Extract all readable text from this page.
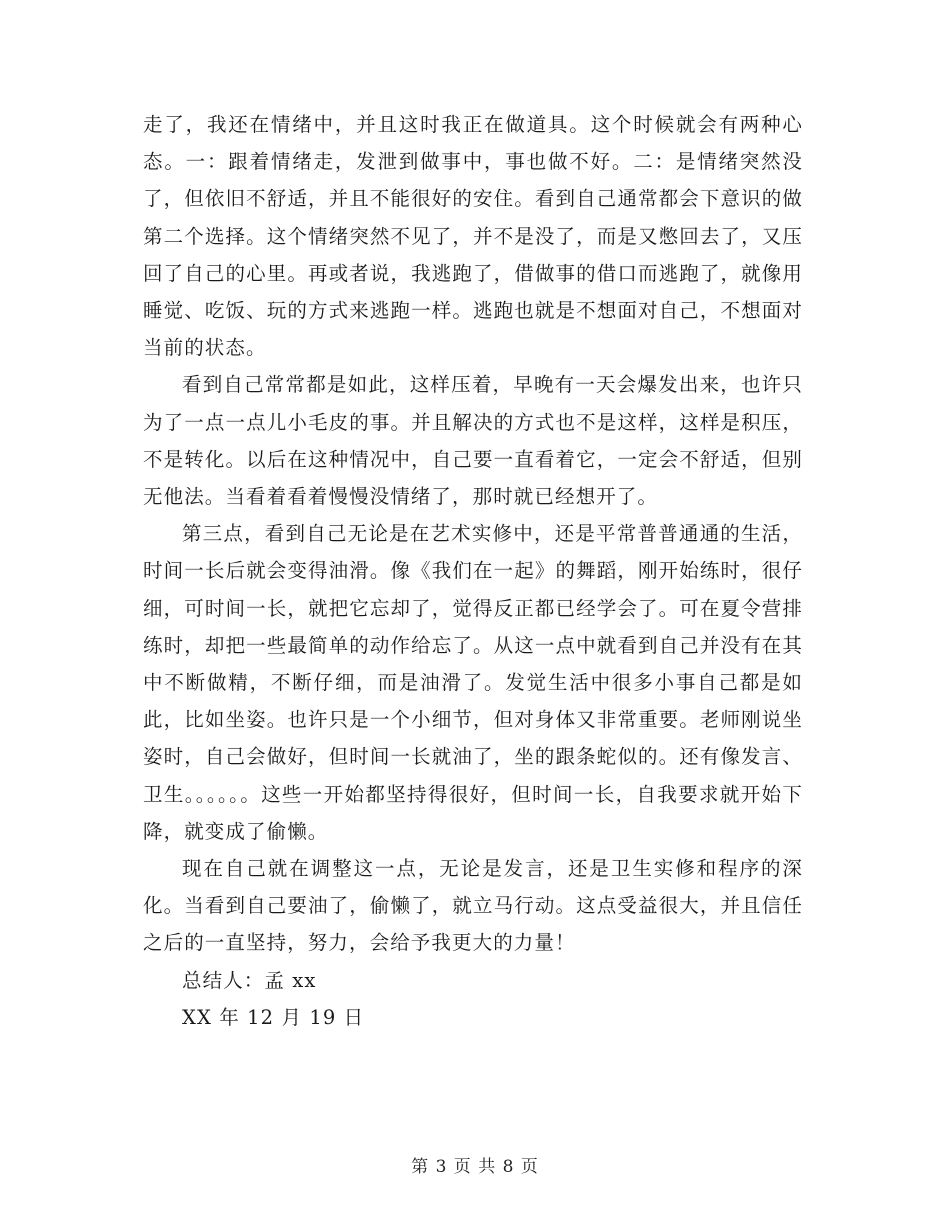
走了，我还在情绪中，并且这时我正在做道具。这个时候就会有两种心态。一：跟着情绪走，发泄到做事中，事也做不好。二：是情绪突然没了，但依旧不舒适，并且不能很好的安住。看到自己通常都会下意识的做第二个选择。这个情绪突然不见了，并不是没了，而是又憋回去了，又压回了自己的心里。再或者说，我逃跑了，借做事的借口而逃跑了，就像用睡觉、吃饭、玩的方式来逃跑一样。逃跑也就是不想面对自己，不想面对当前的状态。

看到自己常常都是如此，这样压着，早晚有一天会爆发出来，也许只为了一点一点儿小毛皮的事。并且解决的方式也不是这样，这样是积压，不是转化。以后在这种情况中，自己要一直看着它，一定会不舒适，但别无他法。当看着看着慢慢没情绪了，那时就已经想开了。

第三点，看到自己无论是在艺术实修中，还是平常普普通通的生活，时间一长后就会变得油滑。像《我们在一起》的舞蹈，刚开始练时，很仔细，可时间一长，就把它忘却了，觉得反正都已经学会了。可在夏令营排练时，却把一些最简单的动作给忘了。从这一点中就看到自己并没有在其中不断做精，不断仔细，而是油滑了。发觉生活中很多小事自己都是如此，比如坐姿。也许只是一个小细节，但对身体又非常重要。老师刚说坐姿时，自己会做好，但时间一长就油了，坐的跟条蛇似的。还有像发言、卫生。。。。。。这些一开始都坚持得很好，但时间一长，自我要求就开始下降，就变成了偷懒。

现在自己就在调整这一点，无论是发言，还是卫生实修和程序的深化。当看到自己要油了，偷懒了，就立马行动。这点受益很大，并且信任之后的一直坚持，努力，会给予我更大的力量！

总结人：孟 xx

XX 年 12 月 19 日

第 3 页 共 8 页
